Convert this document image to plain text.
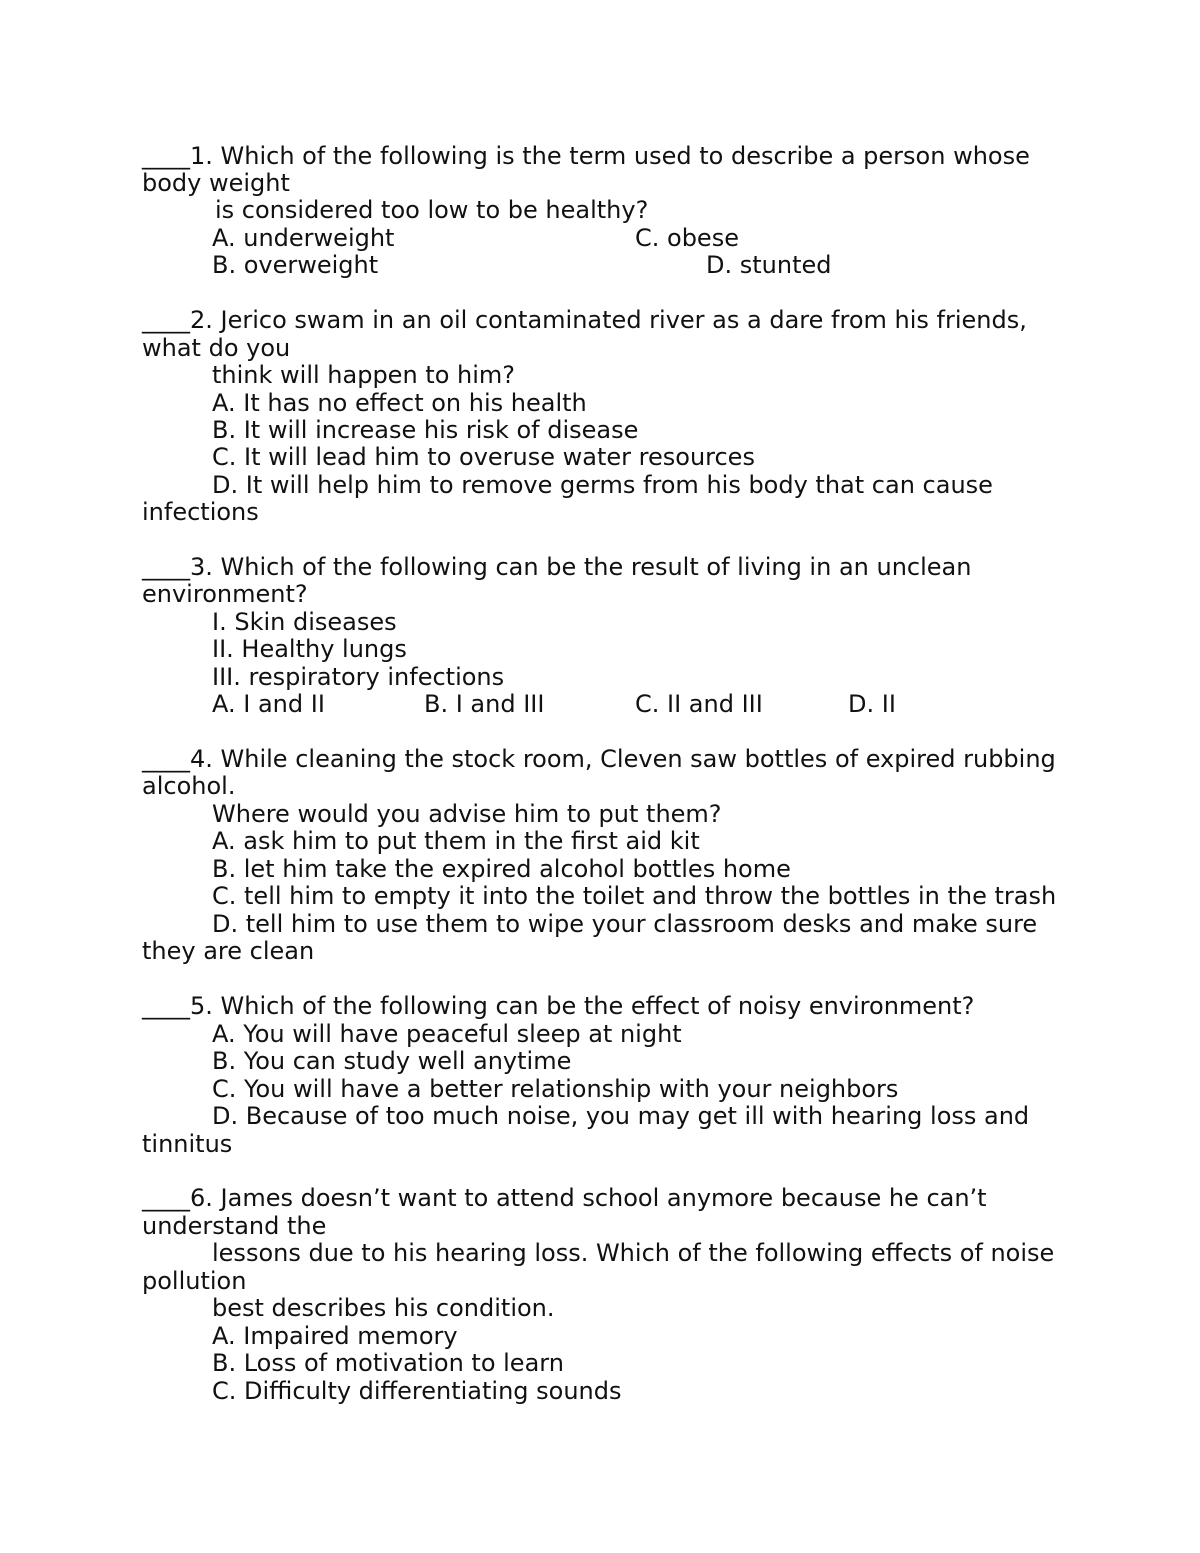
____1. Which of the following is the term used to describe a person whose
body weight
is considered too low to be healthy?
A. underweight	C. obese
B. overweight	D. stunted
____2. Jerico swam in an oil contaminated river as a dare from his friends,
what do you
think will happen to him?
A. It has no effect on his health
B. It will increase his risk of disease
C. It will lead him to overuse water resources
D. It will help him to remove germs from his body that can cause
infections
____3. Which of the following can be the result of living in an unclean
environment?
I. Skin diseases
II. Healthy lungs
III. respiratory infections
A. I and II	B. I and III	C. II and III	D. II
____4. While cleaning the stock room, Cleven saw bottles of expired rubbing
alcohol.
Where would you advise him to put them?
A. ask him to put them in the first aid kit
B. let him take the expired alcohol bottles home
C. tell him to empty it into the toilet and throw the bottles in the trash
D. tell him to use them to wipe your classroom desks and make sure
they are clean
____5. Which of the following can be the effect of noisy environment?
A. You will have peaceful sleep at night
B. You can study well anytime
C. You will have a better relationship with your neighbors
D. Because of too much noise, you may get ill with hearing loss and
tinnitus
____6. James doesn’t want to attend school anymore because he can’t
understand the
lessons due to his hearing loss. Which of the following effects of noise
pollution
best describes his condition.
A. Impaired memory
B. Loss of motivation to learn
C. Difficulty differentiating sounds
